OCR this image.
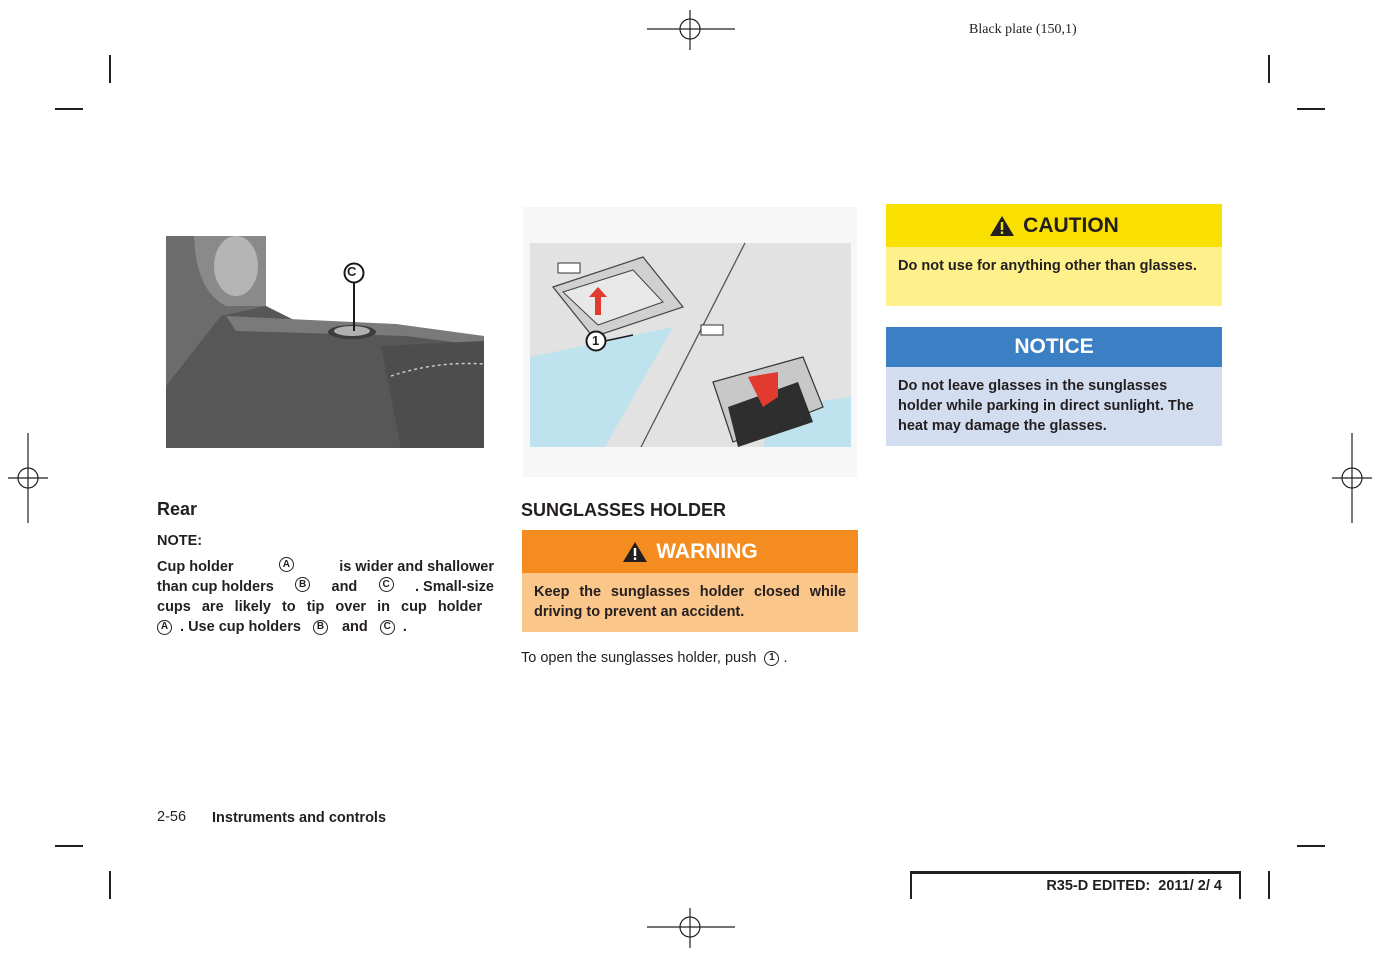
Black plate (150,1)
C
1
Rear
NOTE:
Cup holder	A	is wider and shallower
than cup holders	B and	C . Small-size
cups are likely to tip over in cup holder
A . Use cup holders B and C .
SUNGLASSES HOLDER
WARNING
Keep the sunglasses holder closed while driving to prevent an accident.
To open the sunglasses holder, push 1 .
CAUTION
Do not use for anything other than glasses.
NOTICE
Do not leave glasses in the sunglasses holder while parking in direct sunlight. The heat may damage the glasses.
2-56 Instruments and controls
R35-D EDITED:  2011/ 2/ 4
